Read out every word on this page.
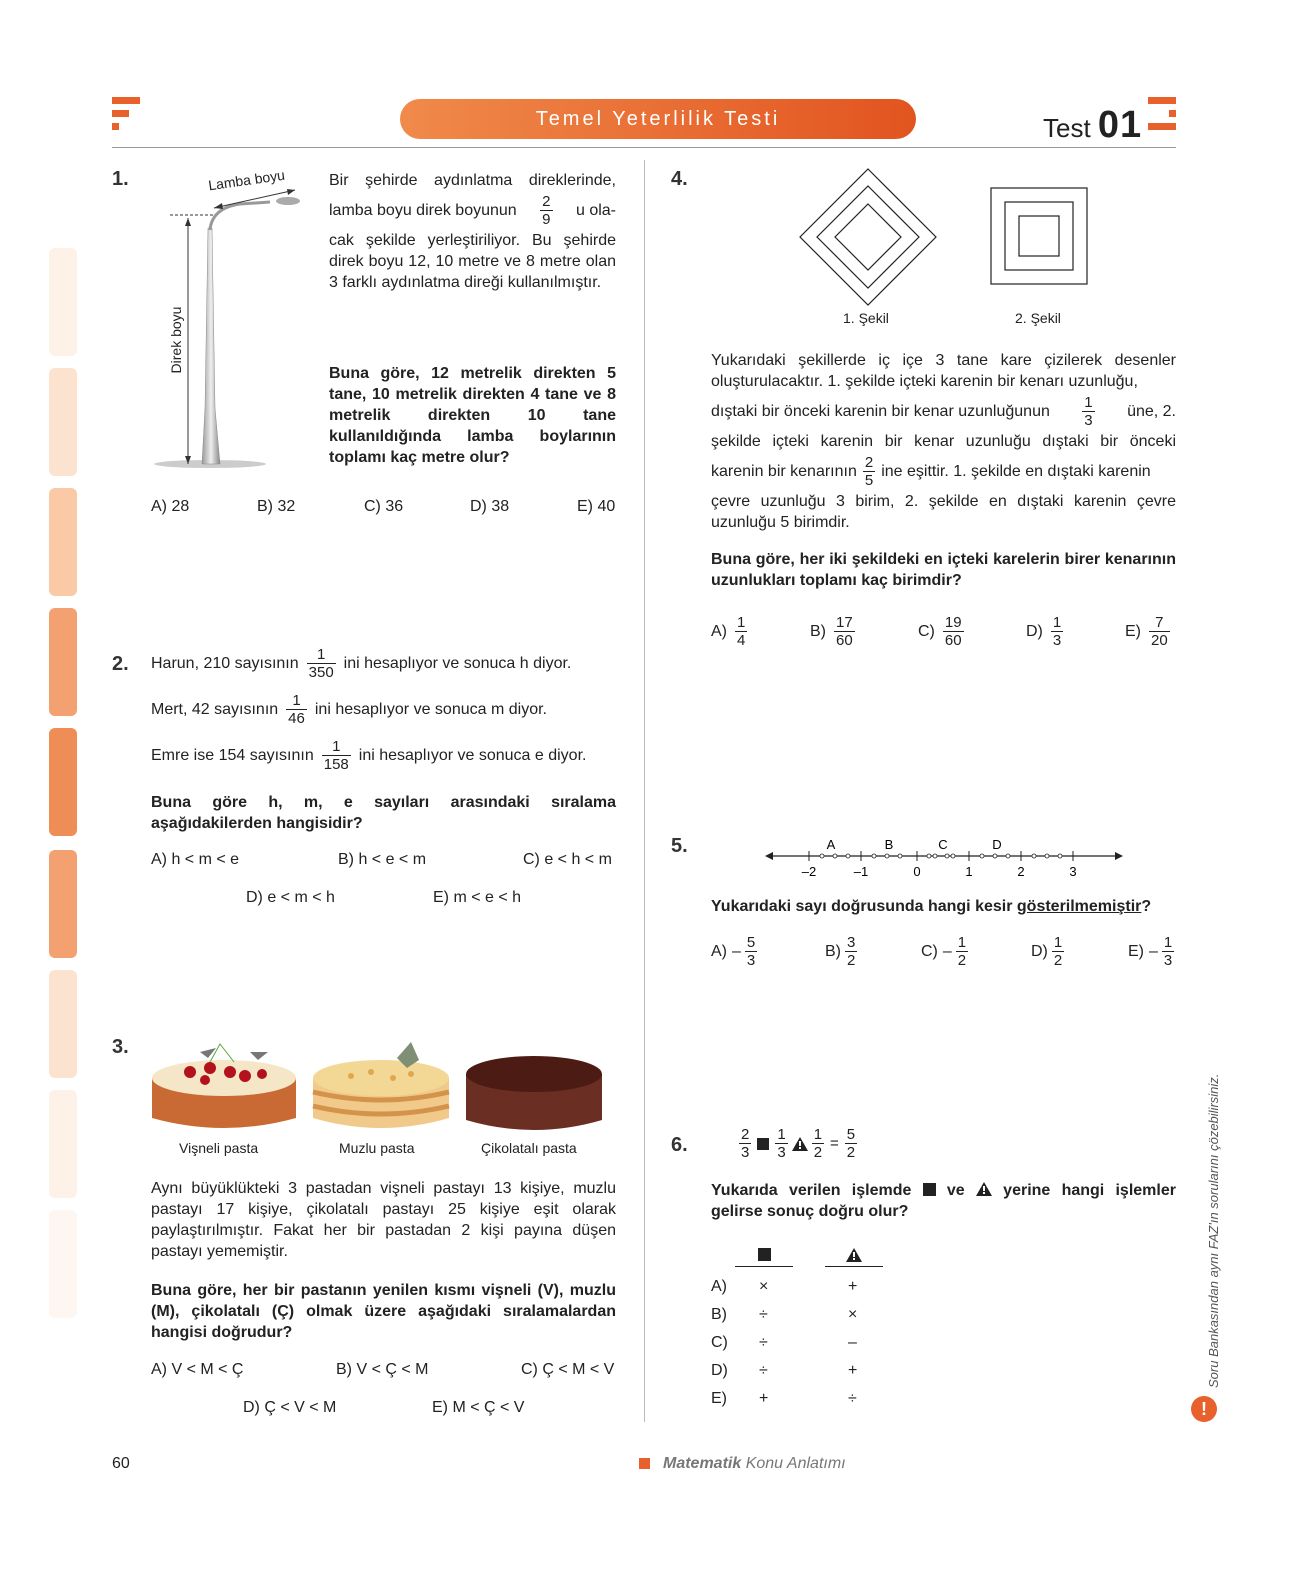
Temel Yeterlilik Testi	Test 01
1.	Lamba boyu
Direk boyu
Bir şehirde aydınlatma direklerinde,
lamba boyu direk boyunun $\frac{2}{9}$ u ola-
cak şekilde yerleştiriliyor. Bu şehirde direk boyu 12, 10 metre ve 8 metre olan 3 farklı aydınlatma direği kullanılmıştır.
Buna göre, 12 metrelik direkten 5 tane, 10 metrelik direkten 4 tane ve 8 metrelik direkten 10 tane kullanıldığında lamba boylarının toplamı kaç metre olur?
A) 28	B) 32	C) 36	D) 38	E) 40
2. Harun, 210 sayısının $\frac{1}{350}$ ini hesaplıyor ve sonuca h diyor.
Mert, 42 sayısının $\frac{1}{46}$ ini hesaplıyor ve sonuca m diyor.
Emre ise 154 sayısının $\frac{1}{158}$ ini hesaplıyor ve sonuca e diyor.
Buna göre h, m, e sayıları arasındaki sıralama aşağıdakilerden hangisidir?
A) h < m < e	B) h < e < m	C) e < h < m
D) e < m < h	E) m < e < h
3.
Vişneli pasta	Muzlu pasta	Çikolatalı pasta
Aynı büyüklükteki 3 pastadan vişneli pastayı 13 kişiye, muzlu pastayı 17 kişiye, çikolatalı pastayı 25 kişiye eşit olarak paylaştırılmıştır. Fakat her bir pastadan 2 kişi payına düşen pastayı yememiştir.
Buna göre, her bir pastanın yenilen kısmı vişneli (V), muzlu (M), çikolatalı (Ç) olmak üzere aşağıdaki sıralamalardan hangisi doğrudur?
A) V < M < Ç	B) V < Ç < M	C) Ç < M < V
D) Ç < V < M	E) M < Ç < V
4.
1. Şekil	2. Şekil
Yukarıdaki şekillerde iç içe 3 tane kare çizilerek desenler oluşturulacaktır. 1. şekilde içteki karenin bir kenarı uzunluğu,
dıştaki bir önceki karenin bir kenar uzunluğunun $\frac{1}{3}$ üne, 2.
şekilde içteki karenin bir kenar uzunluğu dıştaki bir önceki
karenin bir kenarının $\frac{2}{5}$ ine eşittir. 1. şekilde en dıştaki karenin
çevre uzunluğu 3 birim, 2. şekilde en dıştaki karenin çevre uzunluğu 5 birimdir.
Buna göre, her iki şekildeki en içteki karelerin birer kenarının uzunlukları toplamı kaç birimdir?
$A) \frac{1}{4}$	$B) \frac{17}{60}$	$C) \frac{19}{60}$	$D) \frac{1}{3}$	$E) \frac{7}{20}$
5.
–2	–1	0	1	2	3
A	B	C	D
Yukarıdaki sayı doğrusunda hangi kesir gösterilmemiştir?
$A) - \frac{5}{3}$	$B) \frac{3}{2}$	$C) - \frac{1}{2}$	$D) \frac{1}{2}$	$E) - \frac{1}{3}$
6.	$\frac{2}{3} \frac{1}{3} \frac{1}{2} = \frac{5}{2}$
Yukarıda verilen işlemde ve yerine hangi işlemler gelirse sonuç doğru olur?
A) ×	+
B) ÷	×
C) ÷	–
D) ÷	+
E) +	÷
Soru Bankasından aynı FAZ'ın sorularını çözebilirsiniz.
!
60	Matematik Konu Anlatımı
